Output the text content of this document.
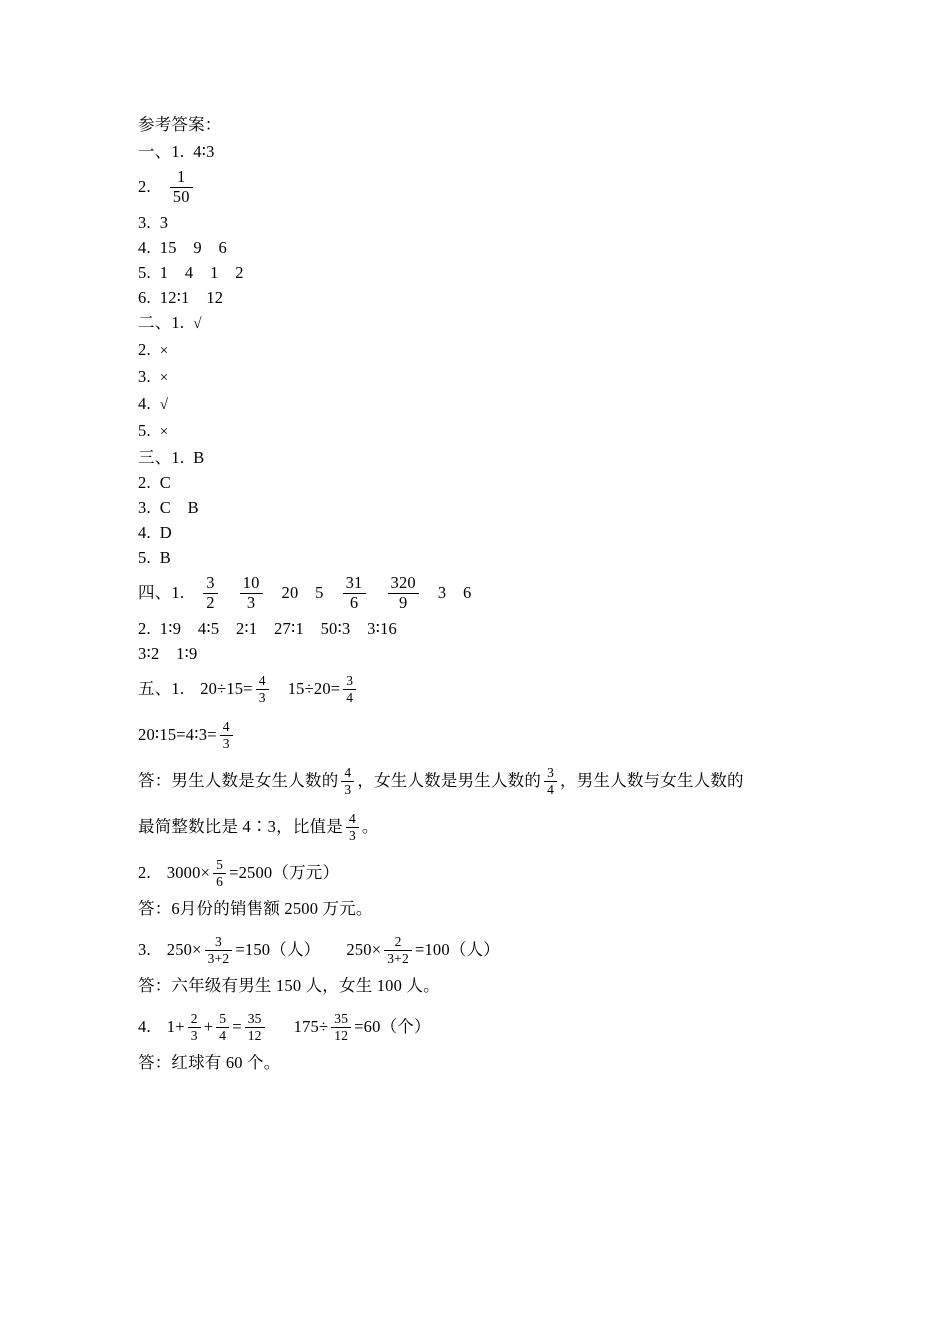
参考答案：
一、1. 4∶3
2. $\frac{1}{50}$
3. 3
4. 15　9　6
5. 1　4　1　2
6. 12∶1　12
二、1. √
2. ×
3. ×
4. √
5. ×
三、1. B
2. C
3. C　B
4. D
5. B
四、1. $\frac{3}{2} \frac{10}{3} 20$　$5 \frac{31}{6} \frac{320}{9} 3$　6
2. 1∶9　4∶5　2∶1　27∶1　50∶3　3∶16
3∶2　1∶9
五、1. $20\div 15= \frac{4}{3} 15\div 20= \frac{3}{4}$
20∶15=4∶3= $\frac{4}{3}$
答：男生人数是女生人数的 $\frac{4}{3}$ ，女生人数是男生人数的 $\frac{3}{4}$ ，男生人数与女生人数的
最简整数比是 4∶3，比值是 $\frac{4}{3}$ 。
2. $3000\times \frac{5}{6} =2500$（万元）
答：6月份的销售额 2500 万元。
3. $250\times \frac{3}{3+2} =150$（人） $250\times \frac{2}{3+2} =100$（人）
答：六年级有男生 150 人，女生 100 人。
4. $1+ \frac{2}{3} + \frac{5}{4} = \frac{35}{12} 175\div \frac{35}{12} =60$（个）
答：红球有 60 个。
